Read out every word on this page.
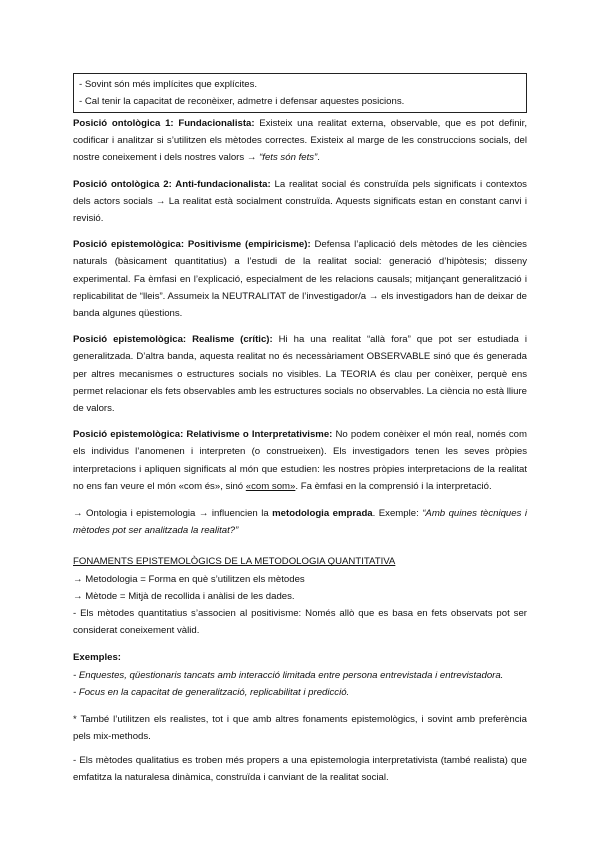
- Sovint són més implícites que explícites.
- Cal tenir la capacitat de reconèixer, admetre i defensar aquestes posicions.

Posició ontològica 1: Fundacionalista: Existeix una realitat externa, observable, que es pot definir, codificar i analitzar si s’utilitzen els mètodes correctes. Existeix al marge de les construccions socials, del nostre coneixement i dels nostres valors → “fets són fets”.

Posició ontològica 2: Anti-fundacionalista: La realitat social és construïda pels significats i contextos dels actors socials → La realitat està socialment construïda. Aquests significats estan en constant canvi i revisió.

Posició epistemològica: Positivisme (empiricisme): Defensa l’aplicació dels mètodes de les ciències naturals (bàsicament quantitatius) a l’estudi de la realitat social: generació d’hipòtesis; disseny experimental. Fa èmfasi en l’explicació, especialment de les relacions causals; mitjançant generalització i replicabilitat de “lleis”. Assumeix la NEUTRALITAT de l’investigador/a → els investigadors han de deixar de banda algunes qüestions.

Posició epistemològica: Realisme (crític): Hi ha una realitat “allà fora” que pot ser estudiada i generalitzada. D’altra banda, aquesta realitat no és necessàriament OBSERVABLE sinó que és generada per altres mecanismes o estructures socials no visibles. La TEORIA és clau per conèixer, perquè ens permet relacionar els fets observables amb les estructures socials no observables. La ciència no està lliure de valors.

Posició epistemològica: Relativisme o Interpretativisme: No podem conèixer el món real, només com els individus l’anomenen i interpreten (o construeixen). Els investigadors tenen les seves pròpies interpretacions i apliquen significats al món que estudien: les nostres pròpies interpretacions de la realitat no ens fan veure el món «com és», sinó «com som». Fa èmfasi en la comprensió i la interpretació.

→ Ontologia i epistemologia → influencien la metodologia emprada. Exemple: “Amb quines tècniques i mètodes pot ser analitzada la realitat?”

FONAMENTS EPISTEMOLÒGICS DE LA METODOLOGIA QUANTITATIVA

→ Metodologia = Forma en què s’utilitzen els mètodes

→ Mètode = Mitjà de recollida i anàlisi de les dades.

- Els mètodes quantitatius s’associen al positivisme: Només allò que es basa en fets observats pot ser considerat coneixement vàlid.

Exemples:

- Enquestes, qüestionaris tancats amb interacció limitada entre persona entrevistada i entrevistadora.

- Focus en la capacitat de generalització, replicabilitat i predicció.

* També l’utilitzen els realistes, tot i que amb altres fonaments epistemològics, i sovint amb preferència pels mix-methods.

- Els mètodes qualitatius es troben més propers a una epistemologia interpretativista (també realista) que emfatitza la naturalesa dinàmica, construïda i canviant de la realitat social.
